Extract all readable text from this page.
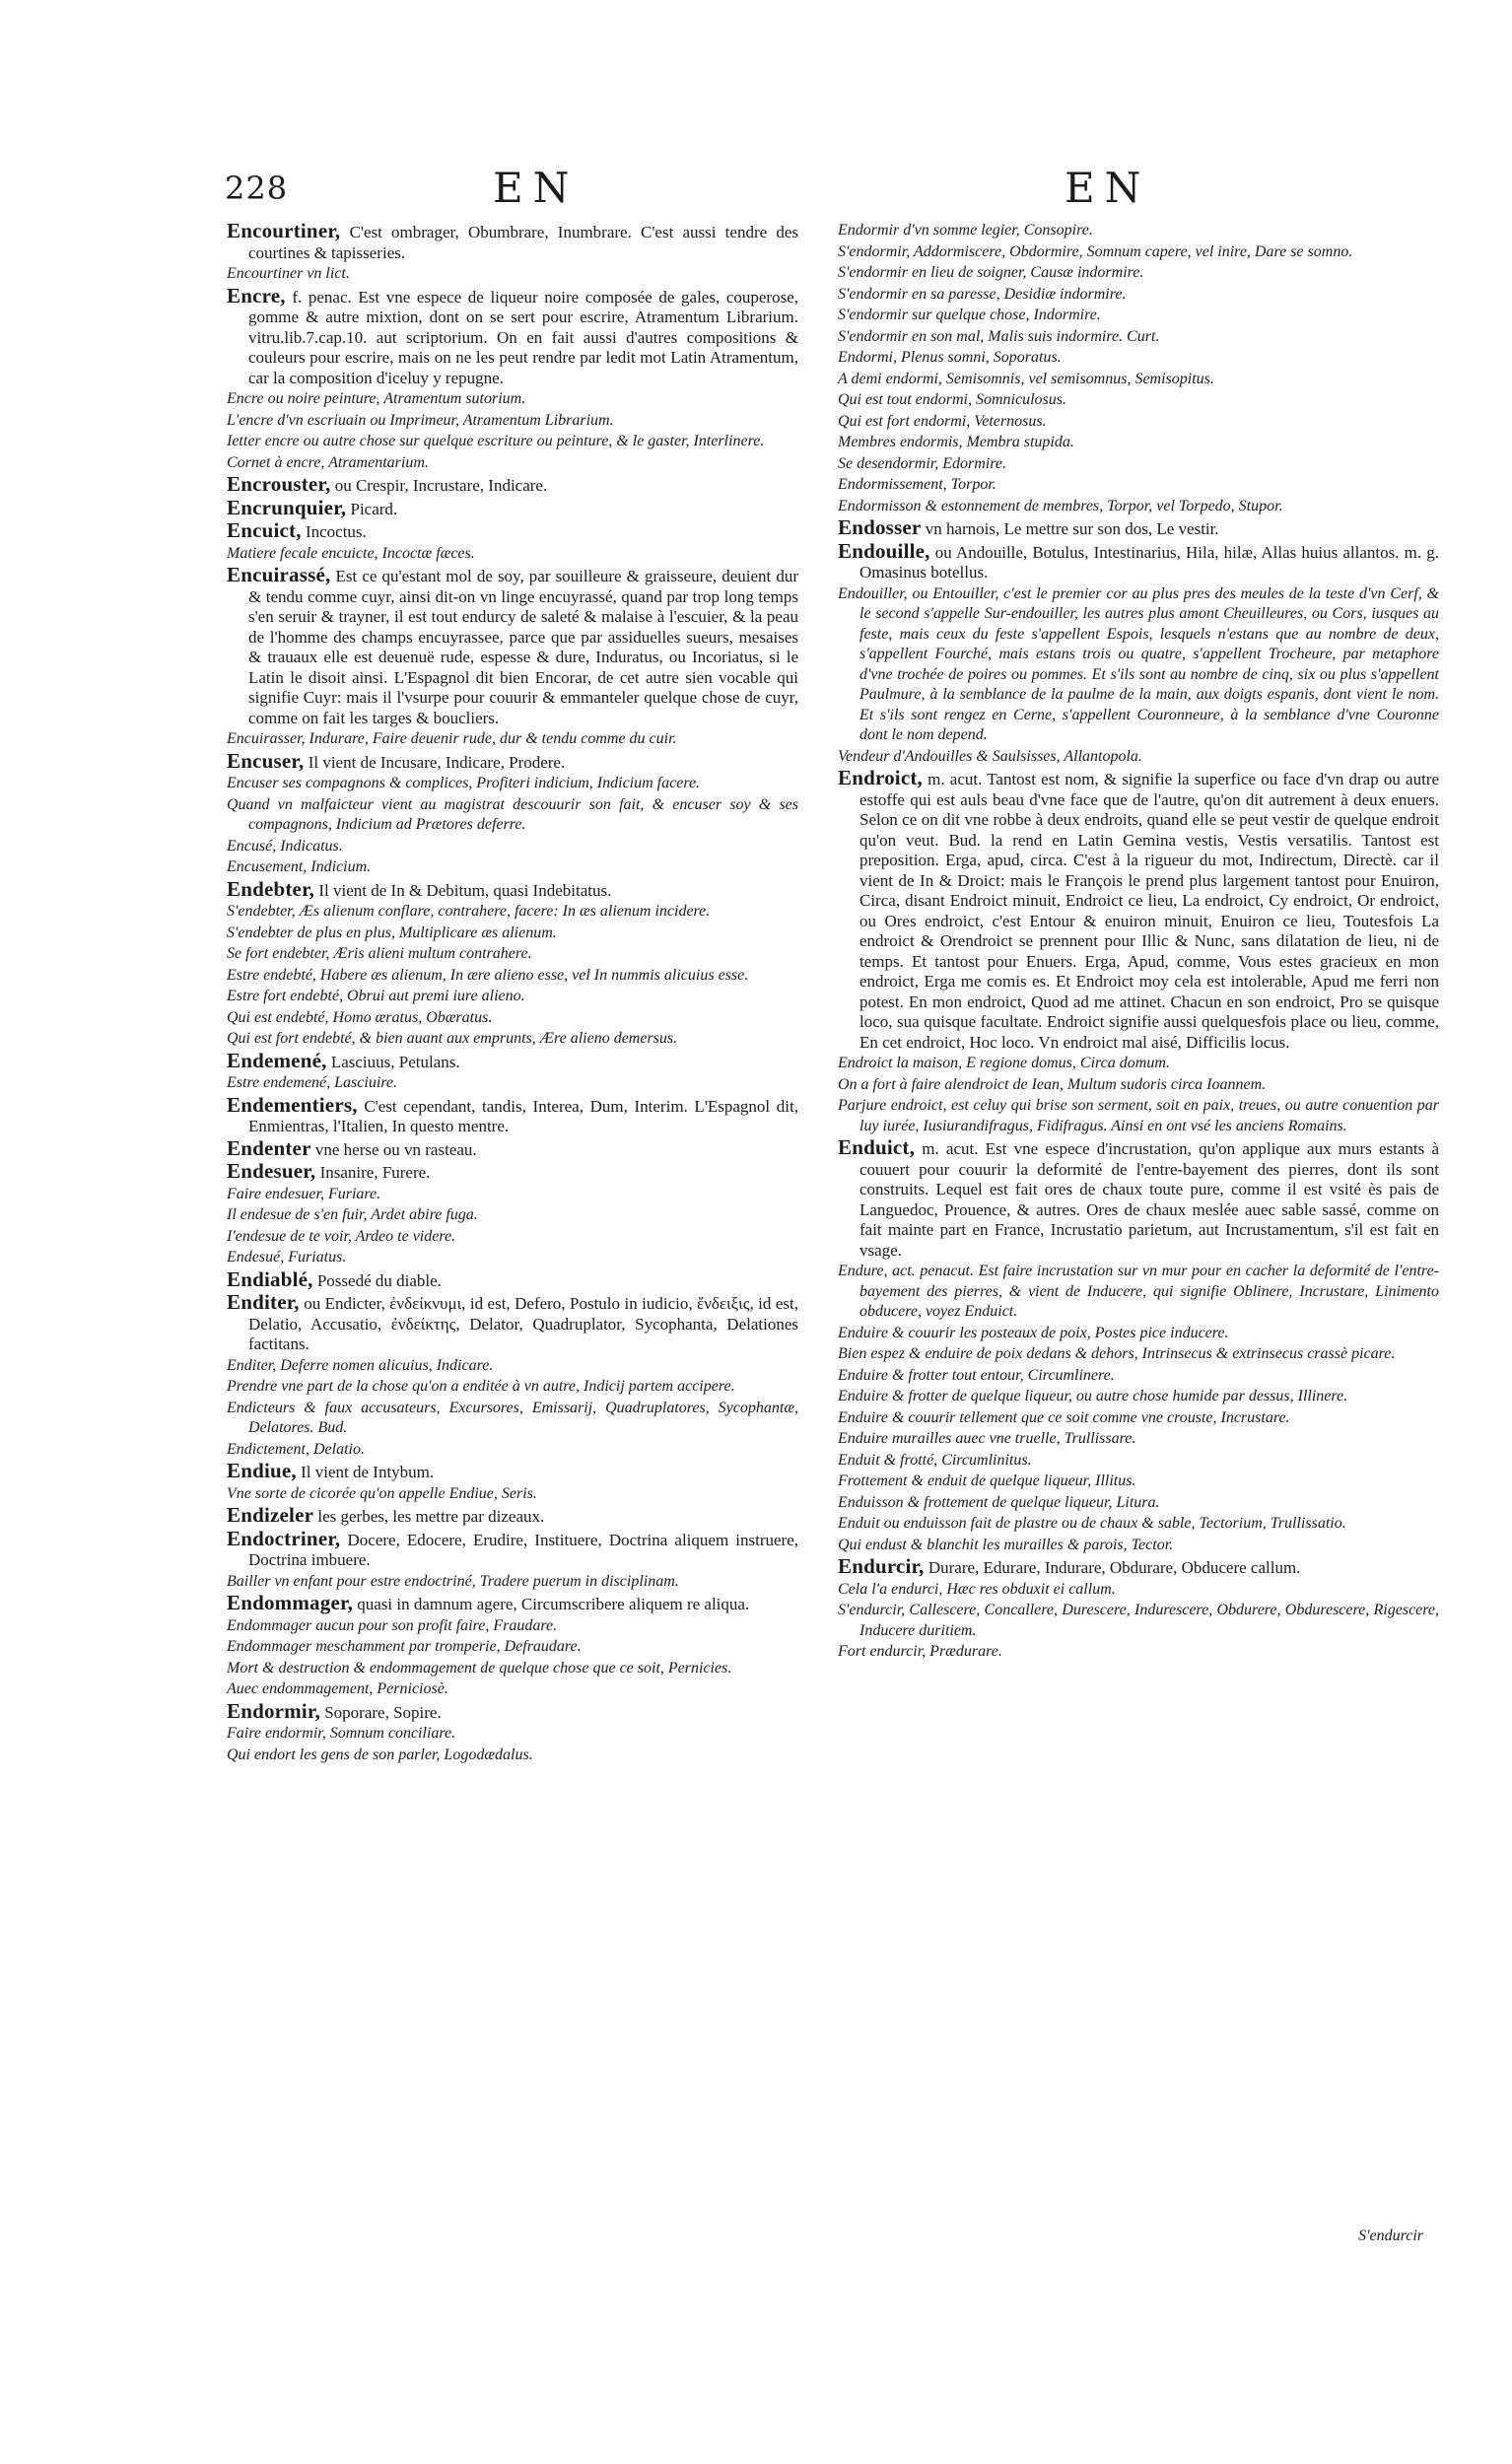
228	EN	EN
Encourtiner, C'est ombrager, Obumbrare, Inumbrare. C'est aussi tendre des courtines & tapisseries.
Encourtiner vn lict.
Encre, f. penac. Est vne espece de liqueur noire composée de gales, couperose, gomme & autre mixtion, dont on se sert pour escrire, Atramentum Librarium. vitru.lib.7.cap.10. aut scriptorium. On en fait aussi d'autres compositions & couleurs pour escrire, mais on ne les peut rendre par ledit mot Latin Atramentum, car la composition d'iceluy y repugne.
Encre ou noire peinture, Atramentum sutorium.
L'encre d'vn escriuain ou Imprimeur, Atramentum Librarium.
Ietter encre ou autre chose sur quelque escriture ou peinture, & le gaster, Interlinere.
Cornet à encre, Atramentarium.
Encrouster, ou Crespir, Incrustare, Indicare.
Encrunquier, Picard.
Encuict, Incoctus.
Matiere fecale encuicte, Incoctæ fæces.
Encuirassé, Est ce qu'estant mol de soy, par souilleure & graisseure, deuient dur & tendu comme cuyr, ainsi dit-on vn linge encuyrassé, quand par trop long temps s'en seruir & trayner, il est tout endurcy de saleté & malaise à l'escuier, & la peau de l'homme des champs encuyrassee, parce que par assiduelles sueurs, mesaises & trauaux elle est deuenuë rude, espesse & dure, Induratus, ou Incoriatus, si le Latin le disoit ainsi. L'Espagnol dit bien Encorar, de cet autre sien vocable qui signifie Cuyr: mais il l'vsurpe pour couurir & emmanteler quelque chose de cuyr, comme on fait les targes & boucliers.
Encuirasser, Indurare, Faire deuenir rude, dur & tendu comme du cuir.
Encuser, Il vient de Incusare, Indicare, Prodere.
Encuser ses compagnons & complices, Profiteri indicium, Indicium facere.
Quand vn malfaicteur vient au magistrat descouurir son fait, & encuser soy & ses compagnons, Indicium ad Prætores deferre.
Encusé, Indicatus.
Encusement, Indicium.
Endebter, Il vient de In & Debitum, quasi Indebitatus.
S'endebter, Æs alienum conflare, contrahere, facere: In æs alienum incidere.
S'endebter de plus en plus, Multiplicare æs alienum.
Se fort endebter, Æris alieni multum contrahere.
Estre endebté, Habere æs alienum, In ære alieno esse, vel In nummis alicuius esse.
Estre fort endebté, Obrui aut premi iure alieno.
Qui est endebté, Homo æratus, Obæratus.
Qui est fort endebté, & bien auant aux emprunts, Ære alieno demersus.
Endemené, Lasciuus, Petulans.
Estre endemené, Lasciuire.
Endementiers, C'est cependant, tandis, Interea, Dum, Interim. L'Espagnol dit, Enmientras, l'Italien, In questo mentre.
Endenter vne herse ou vn rasteau.
Endesuer, Insanire, Furere.
Faire endesuer, Furiare.
Il endesue de s'en fuir, Ardet abire fuga.
I'endesue de te voir, Ardeo te videre.
Endesué, Furiatus.
Endiablé, Possedé du diable.
Enditer, ou Endicter, ἐνδείκνυμι, id est, Defero, Postulo in iudicio, ἔνδειξις, id est, Delatio, Accusatio, ἐνδείκτης, Delator, Quadruplator, Sycophanta, Delationes factitans.
Enditer, Deferre nomen alicuius, Indicare.
Prendre vne part de la chose qu'on a enditée à vn autre, Indicij partem accipere.
Endicteurs & faux accusateurs, Excursores, Emissarij, Quadruplatores, Sycophantæ, Delatores. Bud.
Endictement, Delatio.
Endiue, Il vient de Intybum.
Vne sorte de cicorée qu'on appelle Endiue, Seris.
Endizeler les gerbes, les mettre par dizeaux.
Endoctriner, Docere, Edocere, Erudire, Instituere, Doctrina aliquem instruere, Doctrina imbuere.
Bailler vn enfant pour estre endoctriné, Tradere puerum in disciplinam.
Endommager, quasi in damnum agere, Circumscribere aliquem re aliqua.
Endommager aucun pour son profit faire, Fraudare.
Endommager meschamment par tromperie, Defraudare.
Mort & destruction & endommagement de quelque chose que ce soit, Pernicies.
Auec endommagement, Perniciosè.
Endormir, Soporare, Sopire.
Faire endormir, Somnum conciliare.
Qui endort les gens de son parler, Logodædalus.
Endormir d'vn somme legier, Consopire.
S'endormir, Addormiscere, Obdormire, Somnum capere, vel inire, Dare se somno.
S'endormir en lieu de soigner, Causæ indormire.
S'endormir en sa paresse, Desidiæ indormire.
S'endormir sur quelque chose, Indormire.
S'endormir en son mal, Malis suis indormire. Curt.
Endormi, Plenus somni, Soporatus.
A demi endormi, Semisomnis, vel semisomnus, Semisopitus.
Qui est tout endormi, Somniculosus.
Qui est fort endormi, Veternosus.
Membres endormis, Membra stupida.
Se desendormir, Edormire.
Endormissement, Torpor.
Endormisson & estonnement de membres, Torpor, vel Torpedo, Stupor.
Endosser vn harnois, Le mettre sur son dos, Le vestir.
Endouille, ou Andouille, Botulus, Intestinarius, Hila, hilæ, Allas huius allantos. m. g. Omasinus botellus.
Endouiller, ou Entouiller, c'est le premier cor au plus pres des meules de la teste d'vn Cerf, & le second s'appelle Sur-endouiller, les autres plus amont Cheuilleures, ou Cors, iusques au feste, mais ceux du feste s'appellent Espois, lesquels n'estans que au nombre de deux, s'appellent Fourché, mais estans trois ou quatre, s'appellent Trocheure, par metaphore d'vne trochée de poires ou pommes. Et s'ils sont au nombre de cinq, six ou plus s'appellent Paulmure, à la semblance de la paulme de la main, aux doigts espanis, dont vient le nom. Et s'ils sont rengez en Cerne, s'appellent Couronneure, à la semblance d'vne Couronne dont le nom depend.
Vendeur d'Andouilles & Saulsisses, Allantopola.
Endroict, m. acut. Tantost est nom, & signifie la superfice ou face d'vn drap ou autre estoffe qui est auls beau d'vne face que de l'autre, qu'on dit autrement à deux enuers. Selon ce on dit vne robbe à deux endroits, quand elle se peut vestir de quelque endroit qu'on veut. Bud. la rend en Latin Gemina vestis, Vestis versatilis. Tantost est preposition. Erga, apud, circa. C'est à la rigueur du mot, Indirectum, Directè. car il vient de In & Droict: mais le François le prend plus largement tantost pour Enuiron, Circa, disant Endroict minuit, Endroict ce lieu, La endroict, Cy endroict, Or endroict, ou Ores endroict, c'est Entour & enuiron minuit, Enuiron ce lieu, Toutesfois La endroict & Orendroict se prennent pour Illic & Nunc, sans dilatation de lieu, ni de temps. Et tantost pour Enuers. Erga, Apud, comme, Vous estes gracieux en mon endroict, Erga me comis es. Et Endroict moy cela est intolerable, Apud me ferri non potest. En mon endroict, Quod ad me attinet. Chacun en son endroict, Pro se quisque loco, sua quisque facultate. Endroict signifie aussi quelquesfois place ou lieu, comme, En cet endroict, Hoc loco. Vn endroict mal aisé, Difficilis locus.
Endroict la maison, E regione domus, Circa domum.
On a fort à faire alendroict de Iean, Multum sudoris circa Ioannem.
Parjure endroict, est celuy qui brise son serment, soit en paix, treues, ou autre conuention par luy iurée, Iusiurandifragus, Fidifragus. Ainsi en ont vsé les anciens Romains.
Enduict, m. acut. Est vne espece d'incrustation, qu'on applique aux murs estants à couuert pour couurir la deformité de l'entre-bayement des pierres, dont ils sont construits. Lequel est fait ores de chaux toute pure, comme il est vsité ès pais de Languedoc, Prouence, & autres. Ores de chaux meslée auec sable sassé, comme on fait mainte part en France, Incrustatio parietum, aut Incrustamentum, s'il est fait en vsage.
Endure, act. penacut. Est faire incrustation sur vn mur pour en cacher la deformité de l'entre-bayement des pierres, & vient de Inducere, qui signifie Oblinere, Incrustare, Linimento obducere, voyez Enduict.
Enduire & couurir les posteaux de poix, Postes pice inducere.
Bien espez & enduire de poix dedans & dehors, Intrinsecus & extrinsecus crassè picare.
Enduire & frotter tout entour, Circumlinere.
Enduire & frotter de quelque liqueur, ou autre chose humide par dessus, Illinere.
Enduire & couurir tellement que ce soit comme vne crouste, Incrustare.
Enduire murailles auec vne truelle, Trullissare.
Enduit & frotté, Circumlinitus.
Frottement & enduit de quelque liqueur, Illitus.
Enduisson & frottement de quelque liqueur, Litura.
Enduit ou enduisson fait de plastre ou de chaux & sable, Tectorium, Trullissatio.
Qui endust & blanchit les murailles & parois, Tector.
Endurcir, Durare, Edurare, Indurare, Obdurare, Obducere callum.
Cela l'a endurci, Hæc res obduxit ei callum.
S'endurcir, Callescere, Concallere, Durescere, Indurescere, Obdurere, Obdurescere, Rigescere, Inducere duritiem.
Fort endurcir, Prædurare.
S'endurcir
